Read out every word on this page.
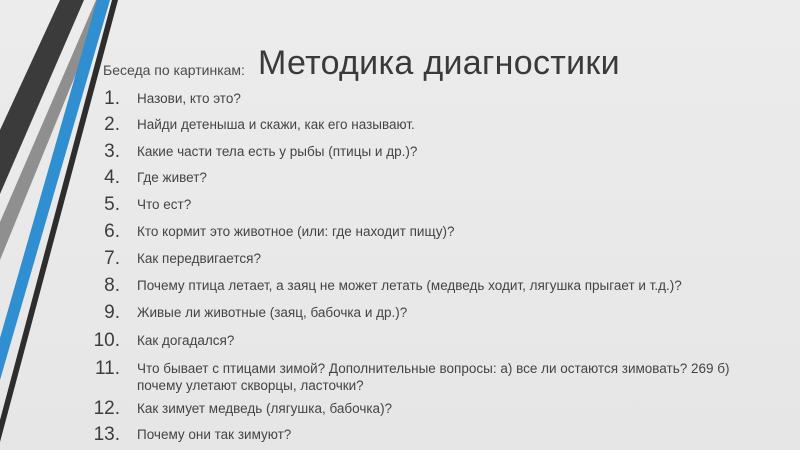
Методика диагностики
Беседа по картинкам:
1. Назови, кто это?
2. Найди детеныша и скажи, как его называют.
3. Какие части тела есть у рыбы (птицы и др.)?
4. Где живет?
5. Что ест?
6. Кто кормит это животное (или: где находит пищу)?
7. Как передвигается?
8. Почему птица летает, а заяц не может летать (медведь ходит, лягушка прыгает и т.д.)?
9. Живые ли животные (заяц, бабочка и др.)?
10. Как догадался?
11. Что бывает с птицами зимой? Дополнительные вопросы: а) все ли остаются зимовать? 269 б) почему улетают скворцы, ласточки?
12. Как зимует медведь (лягушка, бабочка)?
13. Почему они так зимуют?
